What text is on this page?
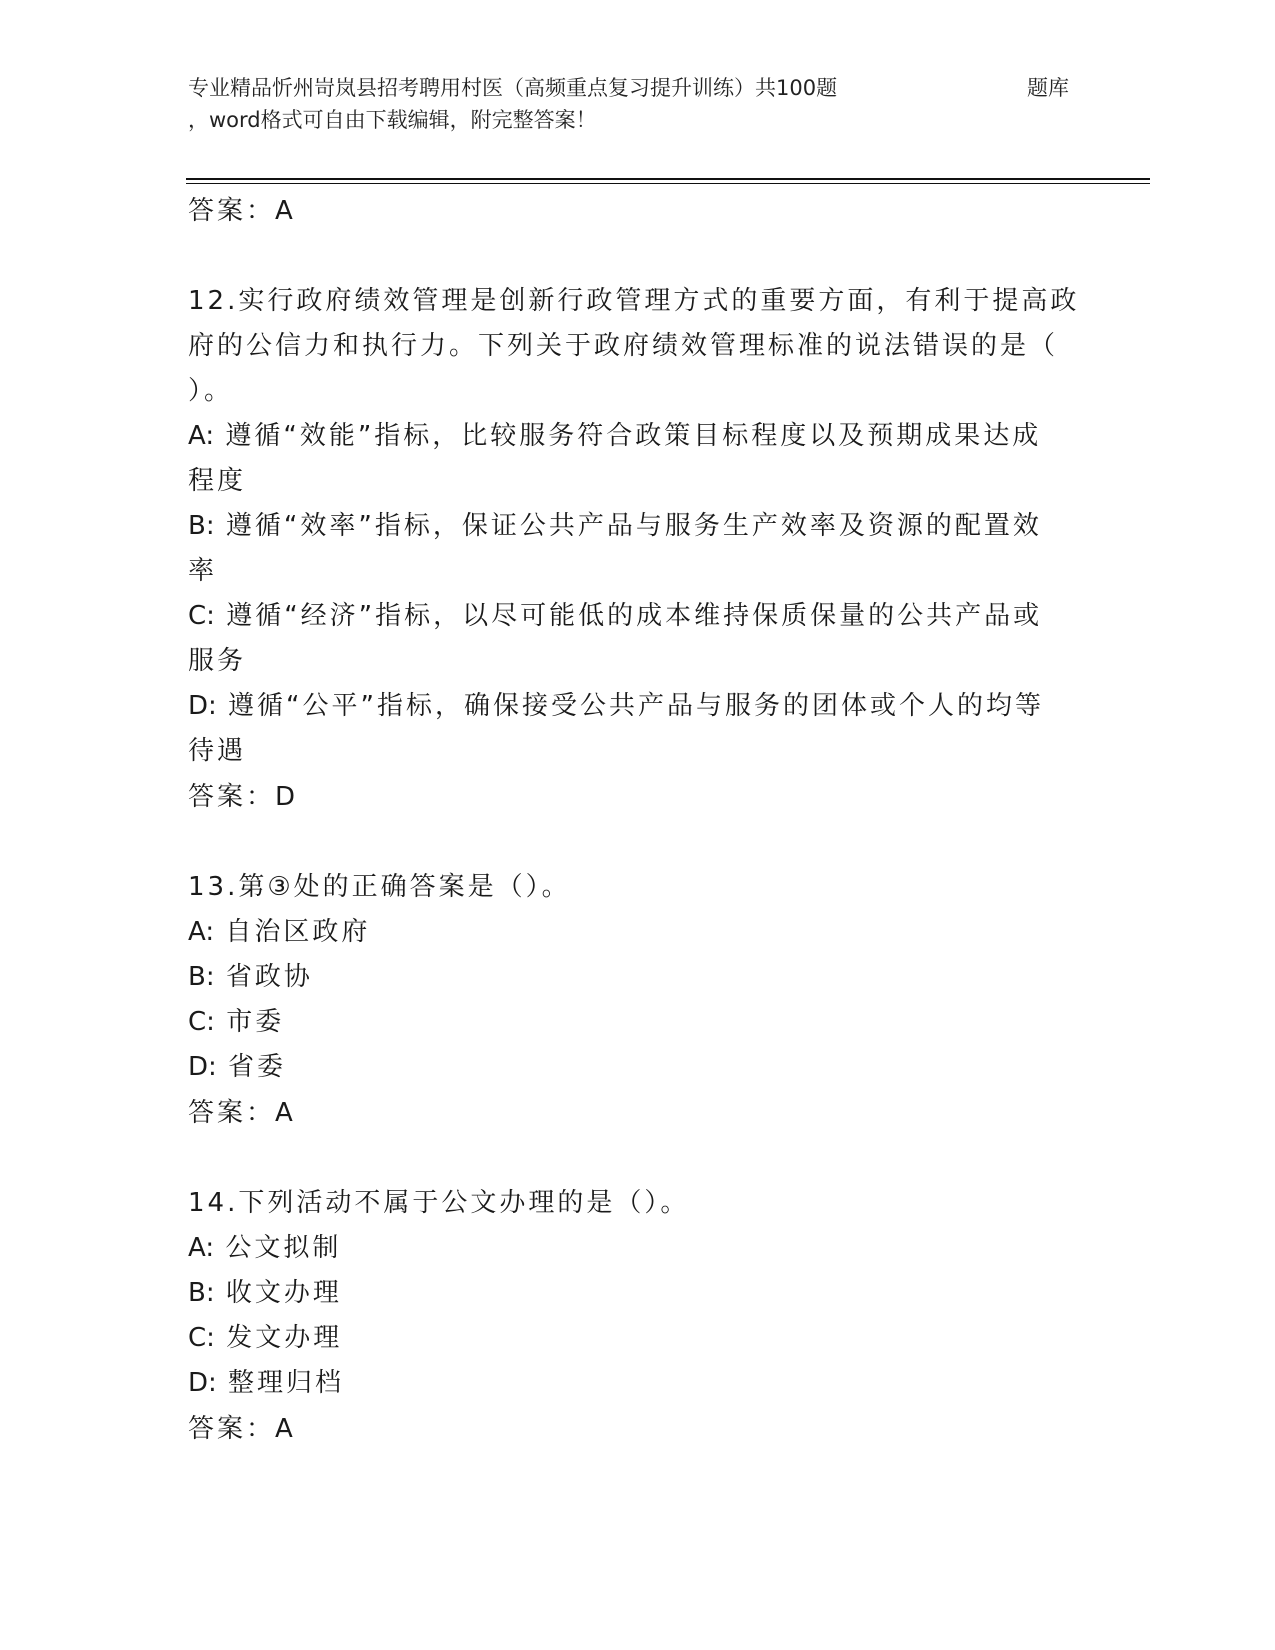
专业精品忻州岢岚县招考聘用村医（高频重点复习提升训练）共100题
，word格式可自由下载编辑，附完整答案！
题库
答案：A
12.实行政府绩效管理是创新行政管理方式的重要方面，有利于提高政
府的公信力和执行力。下列关于政府绩效管理标准的说法错误的是（
）。
A: 遵循“效能”指标，比较服务符合政策目标程度以及预期成果达成
程度
B: 遵循“效率”指标，保证公共产品与服务生产效率及资源的配置效
率
C: 遵循“经济”指标，以尽可能低的成本维持保质保量的公共产品或
服务
D: 遵循“公平”指标，确保接受公共产品与服务的团体或个人的均等
待遇
答案：D
13.第③处的正确答案是（）。
A: 自治区政府
B: 省政协
C: 市委
D: 省委
答案：A
14.下列活动不属于公文办理的是（）。
A: 公文拟制
B: 收文办理
C: 发文办理
D: 整理归档
答案：A
